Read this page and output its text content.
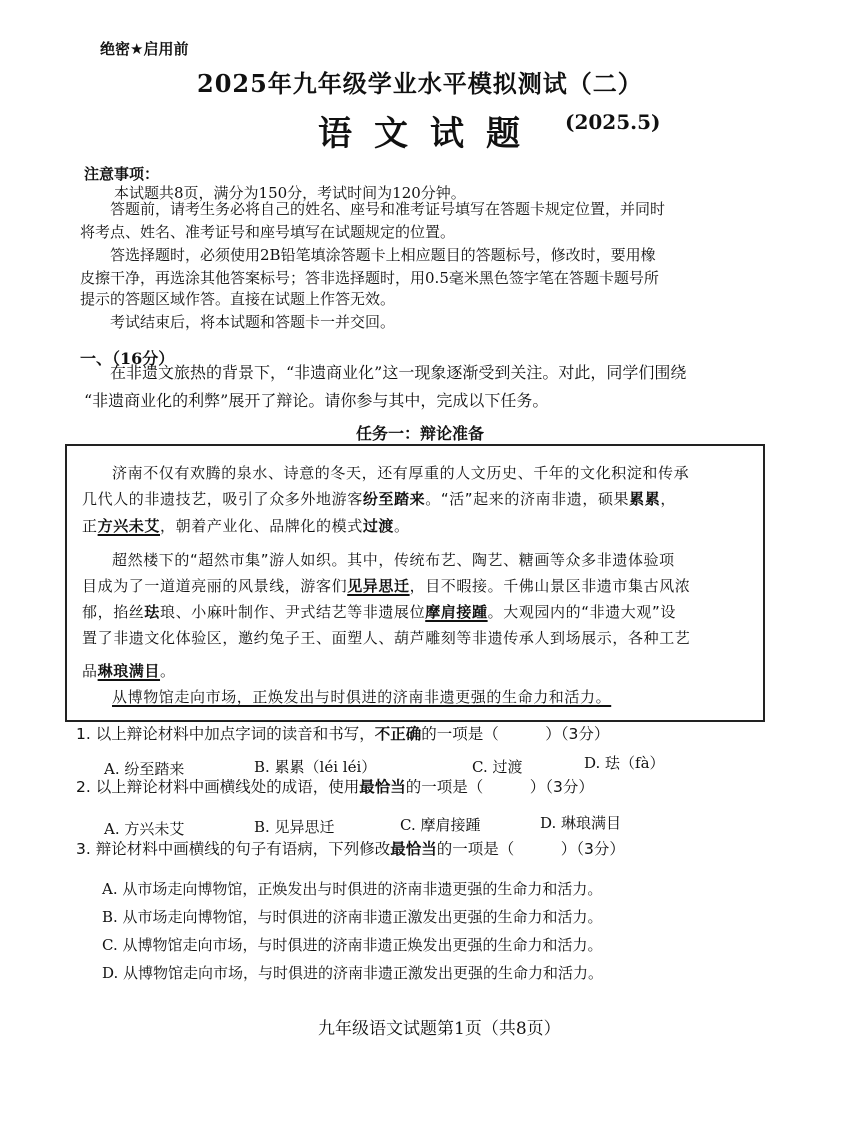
绝密★启用前
2025年九年级学业水平模拟测试（二）
语文试题 (2025.5)
注意事项：
本试题共8页，满分为150分，考试时间为120分钟。
答题前，请考生务必将自己的姓名、座号和准考证号填写在答题卡规定位置，并同时
将考点、姓名、准考证号和座号填写在试题规定的位置。
答选择题时，必须使用2B铅笔填涂答题卡上相应题目的答题标号，修改时，要用橡
皮擦干净，再选涂其他答案标号；答非选择题时，用0.5毫米黑色签字笔在答题卡题号所
提示的答题区域作答。直接在试题上作答无效。
考试结束后，将本试题和答题卡一并交回。
一、（16分）
在非遗文旅热的背景下，“非遗商业化”这一现象逐渐受到关注。对此，同学们围绕
“非遗商业化的利弊”展开了辩论。请你参与其中，完成以下任务。
任务一：辩论准备
济南不仅有欢腾的泉水、诗意的冬天，还有厚重的人文历史、千年的文化积淀和传承
几代人的非遗技艺，吸引了众多外地游客纷至踏来。“活”起来的济南非遗，硕果累累，
正方兴未艾，朝着产业化、品牌化的模式过渡。
超然楼下的“超然市集”游人如织。其中，传统布艺、陶艺、糖画等众多非遗体验项
目成为了一道道亮丽的风景线，游客们见异思迁，目不暇接。千佛山景区非遗市集古风浓
郁，掐丝珐琅、小麻叶制作、尹式结艺等非遗展位摩肩接踵。大观园内的“非遗大观”设
置了非遗文化体验区，邀约兔子王、面塑人、葫芦雕刻等非遗传承人到场展示，各种工艺
品琳琅满目。
从博物馆走向市场，正焕发出与时俱进的济南非遗更强的生命力和活力。
1. 以上辩论材料中加点字词的读音和书写，不正确的一项是（　　　）（3分）
A. 纷至踏来	B. 累累（léi léi）	C. 过渡	D. 珐（fà）
2. 以上辩论材料中画横线处的成语，使用最恰当的一项是（　　　）（3分）
A. 方兴未艾	B. 见异思迁	C. 摩肩接踵	D. 琳琅满目
3. 辩论材料中画横线的句子有语病，下列修改最恰当的一项是（　　　）（3分）
A. 从市场走向博物馆，正焕发出与时俱进的济南非遗更强的生命力和活力。
B. 从市场走向博物馆，与时俱进的济南非遗正激发出更强的生命力和活力。
C. 从博物馆走向市场，与时俱进的济南非遗正焕发出更强的生命力和活力。
D. 从博物馆走向市场，与时俱进的济南非遗正激发出更强的生命力和活力。
九年级语文试题第1页（共8页）
